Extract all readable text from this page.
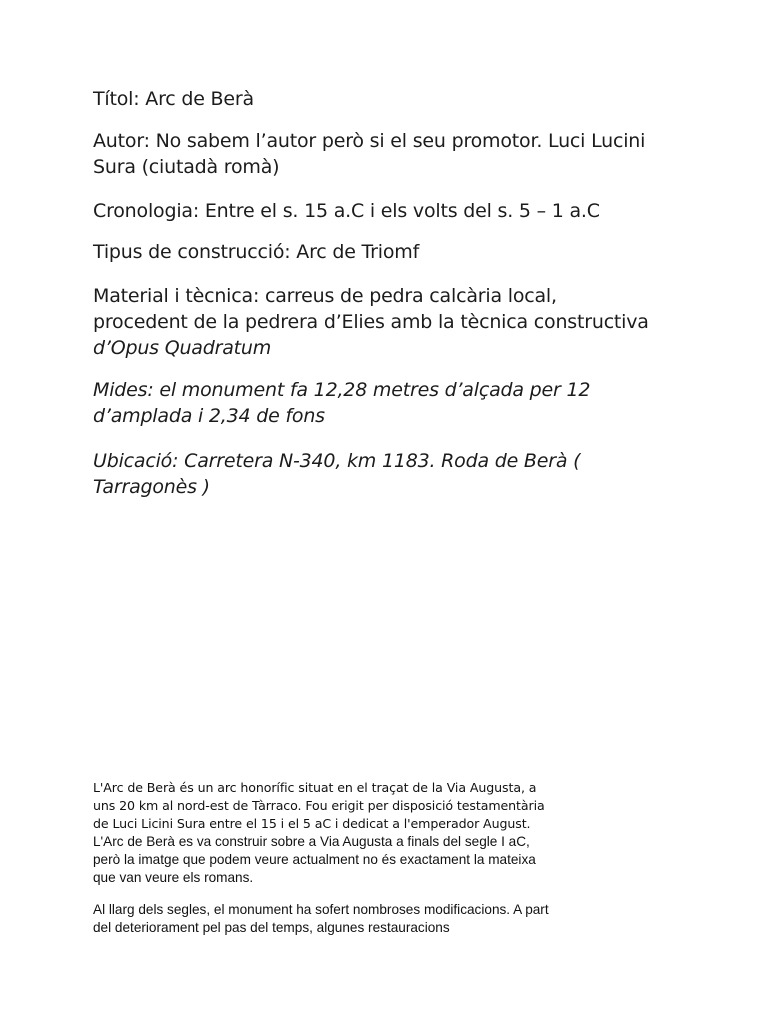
Títol: Arc de Berà

Autor: No sabem l’autor però si el seu promotor. Luci Lucini Sura (ciutadà romà)

Cronologia: Entre el s. 15 a.C i els volts del s. 5 – 1 a.C

Tipus de construcció: Arc de Triomf

Material i tècnica: carreus de pedra calcària local, procedent de la pedrera d’Elies amb la tècnica constructiva d’Opus Quadratum

Mides: el monument fa 12,28 metres d’alçada per 12 d’amplada i 2,34 de fons

Ubicació: Carretera N-340, km 1183. Roda de Berà ( Tarragonès )

L'Arc de Berà és un arc honorífic situat en el traçat de la Via Augusta, a uns 20 km al nord-est de Tàrraco. Fou erigit per disposició testamentària de Luci Licini Sura entre el 15 i el 5 aC i dedicat a l'emperador August. L'Arc de Berà es va construir sobre a Via Augusta a finals del segle I aC, però la imatge que podem veure actualment no és exactament la mateixa que van veure els romans.

Al llarg dels segles, el monument ha sofert nombroses modificacions. A part del deteriorament pel pas del temps, algunes restauracions
